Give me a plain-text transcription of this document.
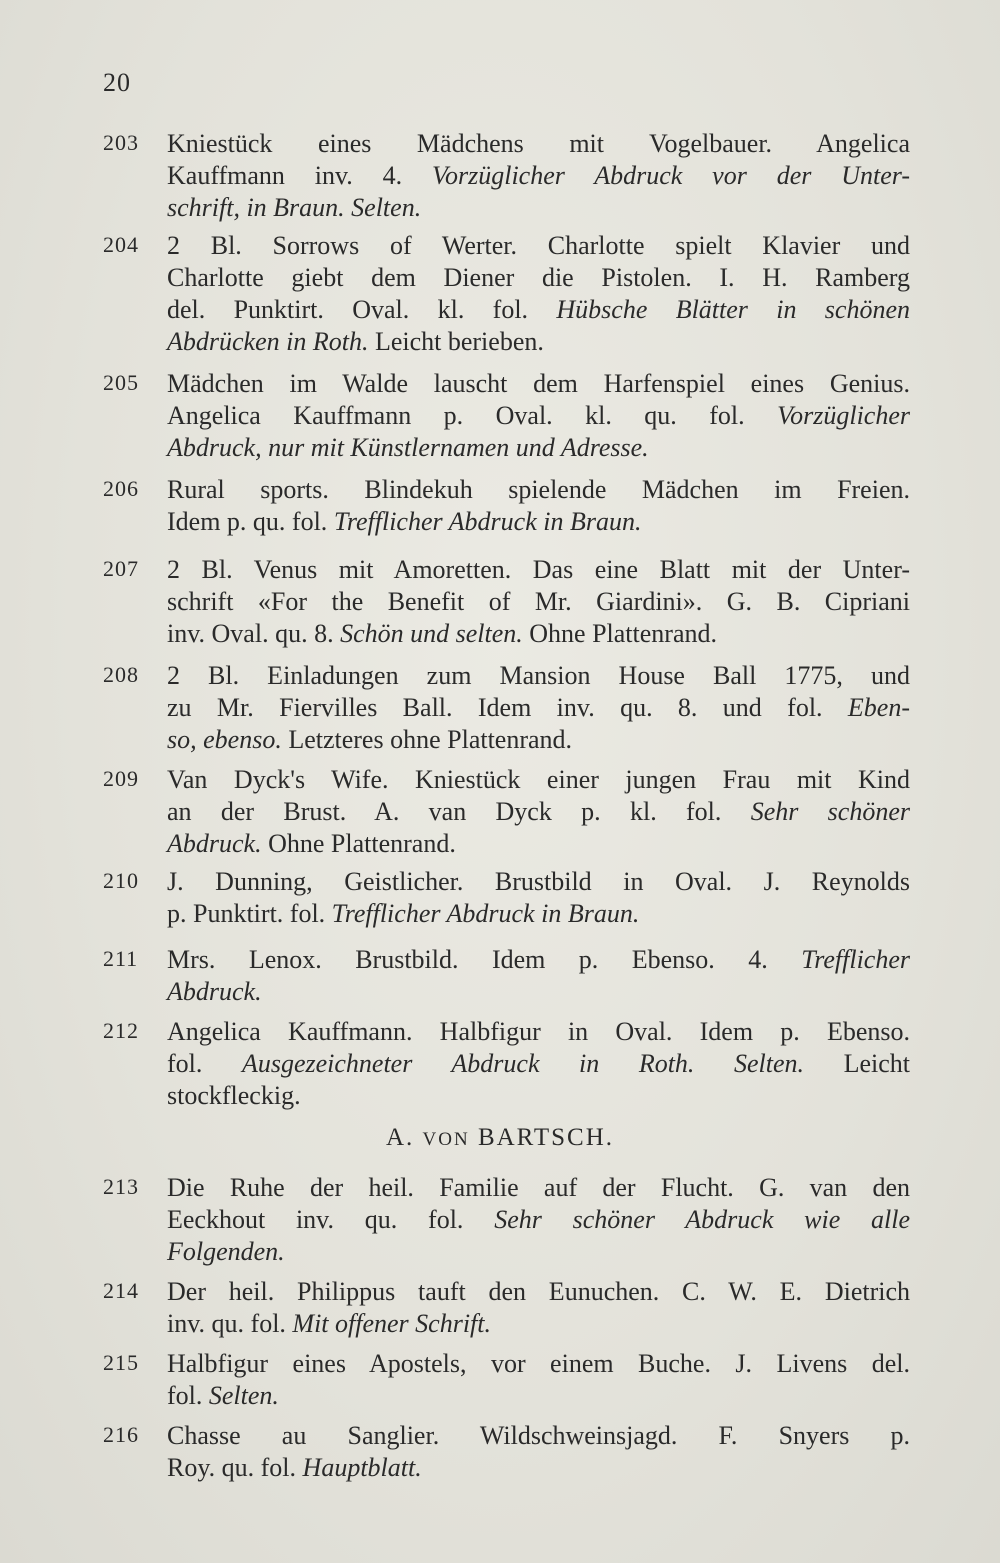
20
203 Kniestück eines Mädchens mit Vogelbauer. Angelica
Kauffmann inv. 4. Vorzüglicher Abdruck vor der Unter-
schrift, in Braun. Selten.
204 2 Bl. Sorrows of Werter. Charlotte spielt Klavier und
Charlotte giebt dem Diener die Pistolen. I. H. Ramberg
del. Punktirt. Oval. kl. fol. Hübsche Blätter in schönen
Abdrücken in Roth. Leicht berieben.
205 Mädchen im Walde lauscht dem Harfenspiel eines Genius.
Angelica Kauffmann p. Oval. kl. qu. fol. Vorzüglicher
Abdruck, nur mit Künstlernamen und Adresse.
206 Rural sports. Blindekuh spielende Mädchen im Freien.
Idem p. qu. fol. Trefflicher Abdruck in Braun.
207 2 Bl. Venus mit Amoretten. Das eine Blatt mit der Unter-
schrift «For the Benefit of Mr. Giardini». G. B. Cipriani
inv. Oval. qu. 8. Schön und selten. Ohne Plattenrand.
208 2 Bl. Einladungen zum Mansion House Ball 1775, und
zu Mr. Fiervilles Ball. Idem inv. qu. 8. und fol. Eben-
so, ebenso. Letzteres ohne Plattenrand.
209 Van Dyck's Wife. Kniestück einer jungen Frau mit Kind
an der Brust. A. van Dyck p. kl. fol. Sehr schöner
Abdruck. Ohne Plattenrand.
210 J. Dunning, Geistlicher. Brustbild in Oval. J. Reynolds
p. Punktirt. fol. Trefflicher Abdruck in Braun.
211 Mrs. Lenox. Brustbild. Idem p. Ebenso. 4. Trefflicher
Abdruck.
212 Angelica Kauffmann. Halbfigur in Oval. Idem p. Ebenso.
fol. Ausgezeichneter Abdruck in Roth. Selten. Leicht
stockfleckig.
213 Die Ruhe der heil. Familie auf der Flucht. G. van den
Eeckhout inv. qu. fol. Sehr schöner Abdruck wie alle
Folgenden.
214 Der heil. Philippus tauft den Eunuchen. C. W. E. Dietrich
inv. qu. fol. Mit offener Schrift.
215 Halbfigur eines Apostels, vor einem Buche. J. Livens del.
fol. Selten.
216 Chasse au Sanglier. Wildschweinsjagd. F. Snyers p.
Roy. qu. fol. Hauptblatt.
A. VON BARTSCH.
